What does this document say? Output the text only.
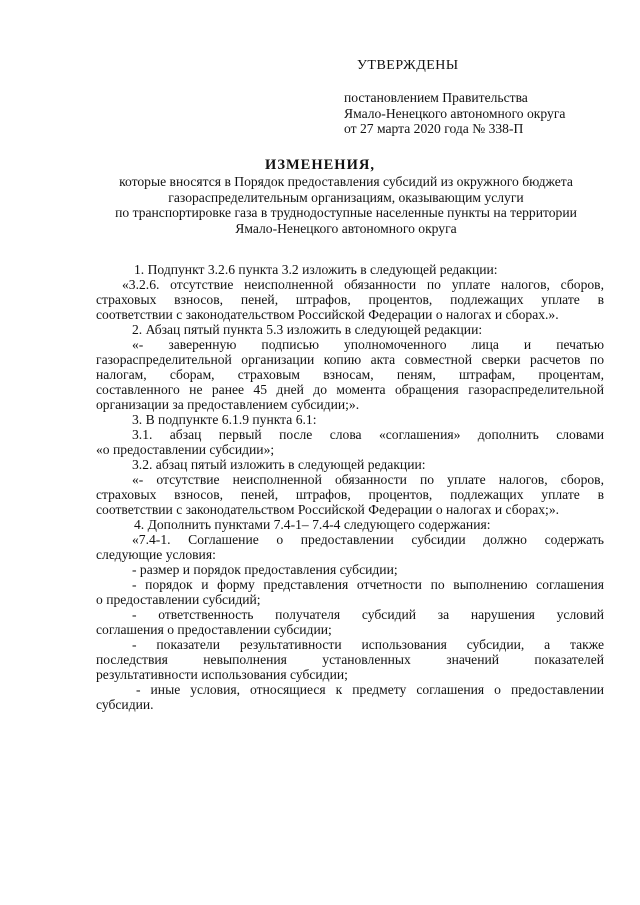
УТВЕРЖДЕНЫ
постановлением Правительства
Ямало-Ненецкого автономного округа
от 27 марта 2020 года № 338-П
ИЗМЕНЕНИЯ,
которые вносятся в Порядок предоставления субсидий из окружного бюджета
газораспределительным организациям, оказывающим услуги
по транспортировке газа в труднодоступные населенные пункты на территории
Ямало-Ненецкого автономного округа
1. Подпункт 3.2.6 пункта 3.2 изложить в следующей редакции:
«3.2.6. отсутствие неисполненной обязанности по уплате налогов, сборов,
страховых взносов, пеней, штрафов, процентов, подлежащих уплате в
соответствии с законодательством Российской Федерации о налогах и сборах.».
2. Абзац пятый пункта 5.3 изложить в следующей редакции:
«- заверенную подписью уполномоченного лица и печатью
газораспределительной организации копию акта совместной сверки расчетов по
налогам, сборам, страховым взносам, пеням, штрафам, процентам,
составленного не ранее 45 дней до момента обращения газораспределительной
организации за предоставлением субсидии;».
3. В подпункте 6.1.9 пункта 6.1:
3.1. абзац первый после слова «соглашения» дополнить словами
«о предоставлении субсидии»;
3.2. абзац пятый изложить в следующей редакции:
«- отсутствие неисполненной обязанности по уплате налогов, сборов,
страховых взносов, пеней, штрафов, процентов, подлежащих уплате в
соответствии с законодательством Российской Федерации о налогах и сборах;».
4. Дополнить пунктами 7.4-1– 7.4-4 следующего содержания:
«7.4-1. Соглашение о предоставлении субсидии должно содержать
следующие условия:
- размер и порядок предоставления субсидии;
- порядок и форму представления отчетности по выполнению соглашения
о предоставлении субсидий;
- ответственность получателя субсидий за нарушения условий
соглашения о предоставлении субсидии;
- показатели результативности использования субсидии, а также
последствия невыполнения установленных значений показателей
результативности использования субсидии;
- иные условия, относящиеся к предмету соглашения о предоставлении
субсидии.
